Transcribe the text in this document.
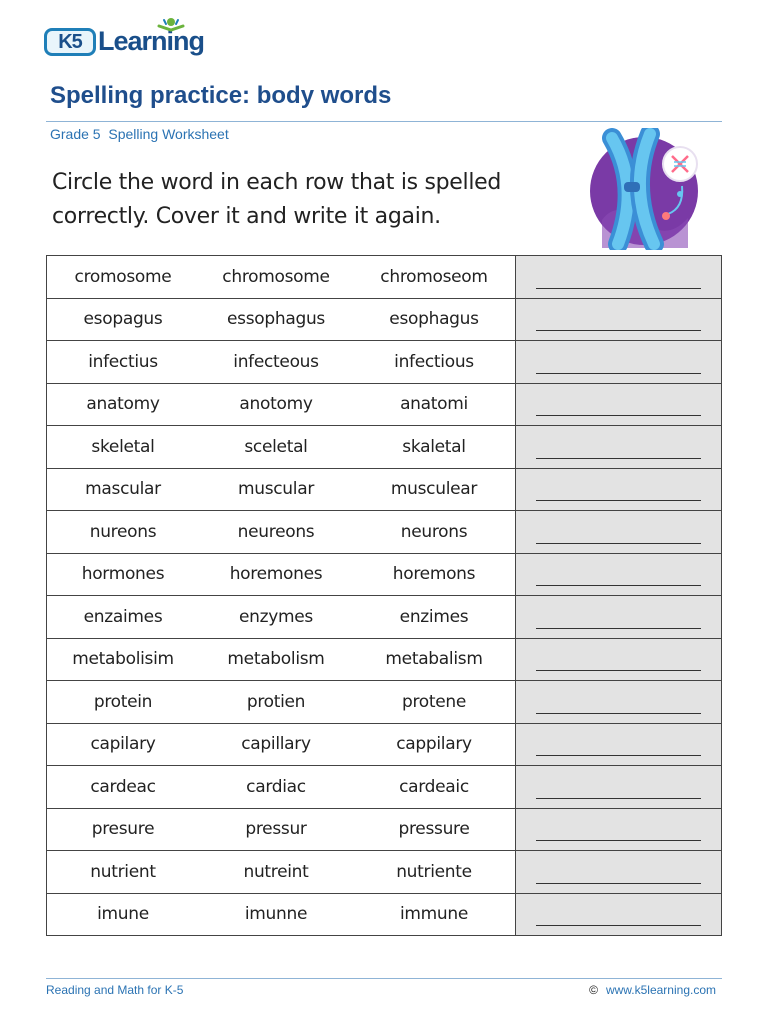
K5 Learning
Spelling practice: body words
Grade 5  Spelling Worksheet
Circle the word in each row that is spelled correctly. Cover it and write it again.
cromosome	chromosome	chromoseom	

esopagus	essophagus	esophagus	

infectius	infecteous	infectious	

anatomy	anotomy	anatomi	

skeletal	sceletal	skaletal	

mascular	muscular	musculear	

nureons	neureons	neurons	

hormones	horemones	horemons	

enzaimes	enzymes	enzimes	

metabolisim	metabolism	metabalism	

protein	protien	protene	

capilary	capillary	cappilary	

cardeac	cardiac	cardeaic	

presure	pressur	pressure	

nutrient	nutreint	nutriente	

imune	imunne	immune	
Reading and Math for K-5	© www.k5learning.com
